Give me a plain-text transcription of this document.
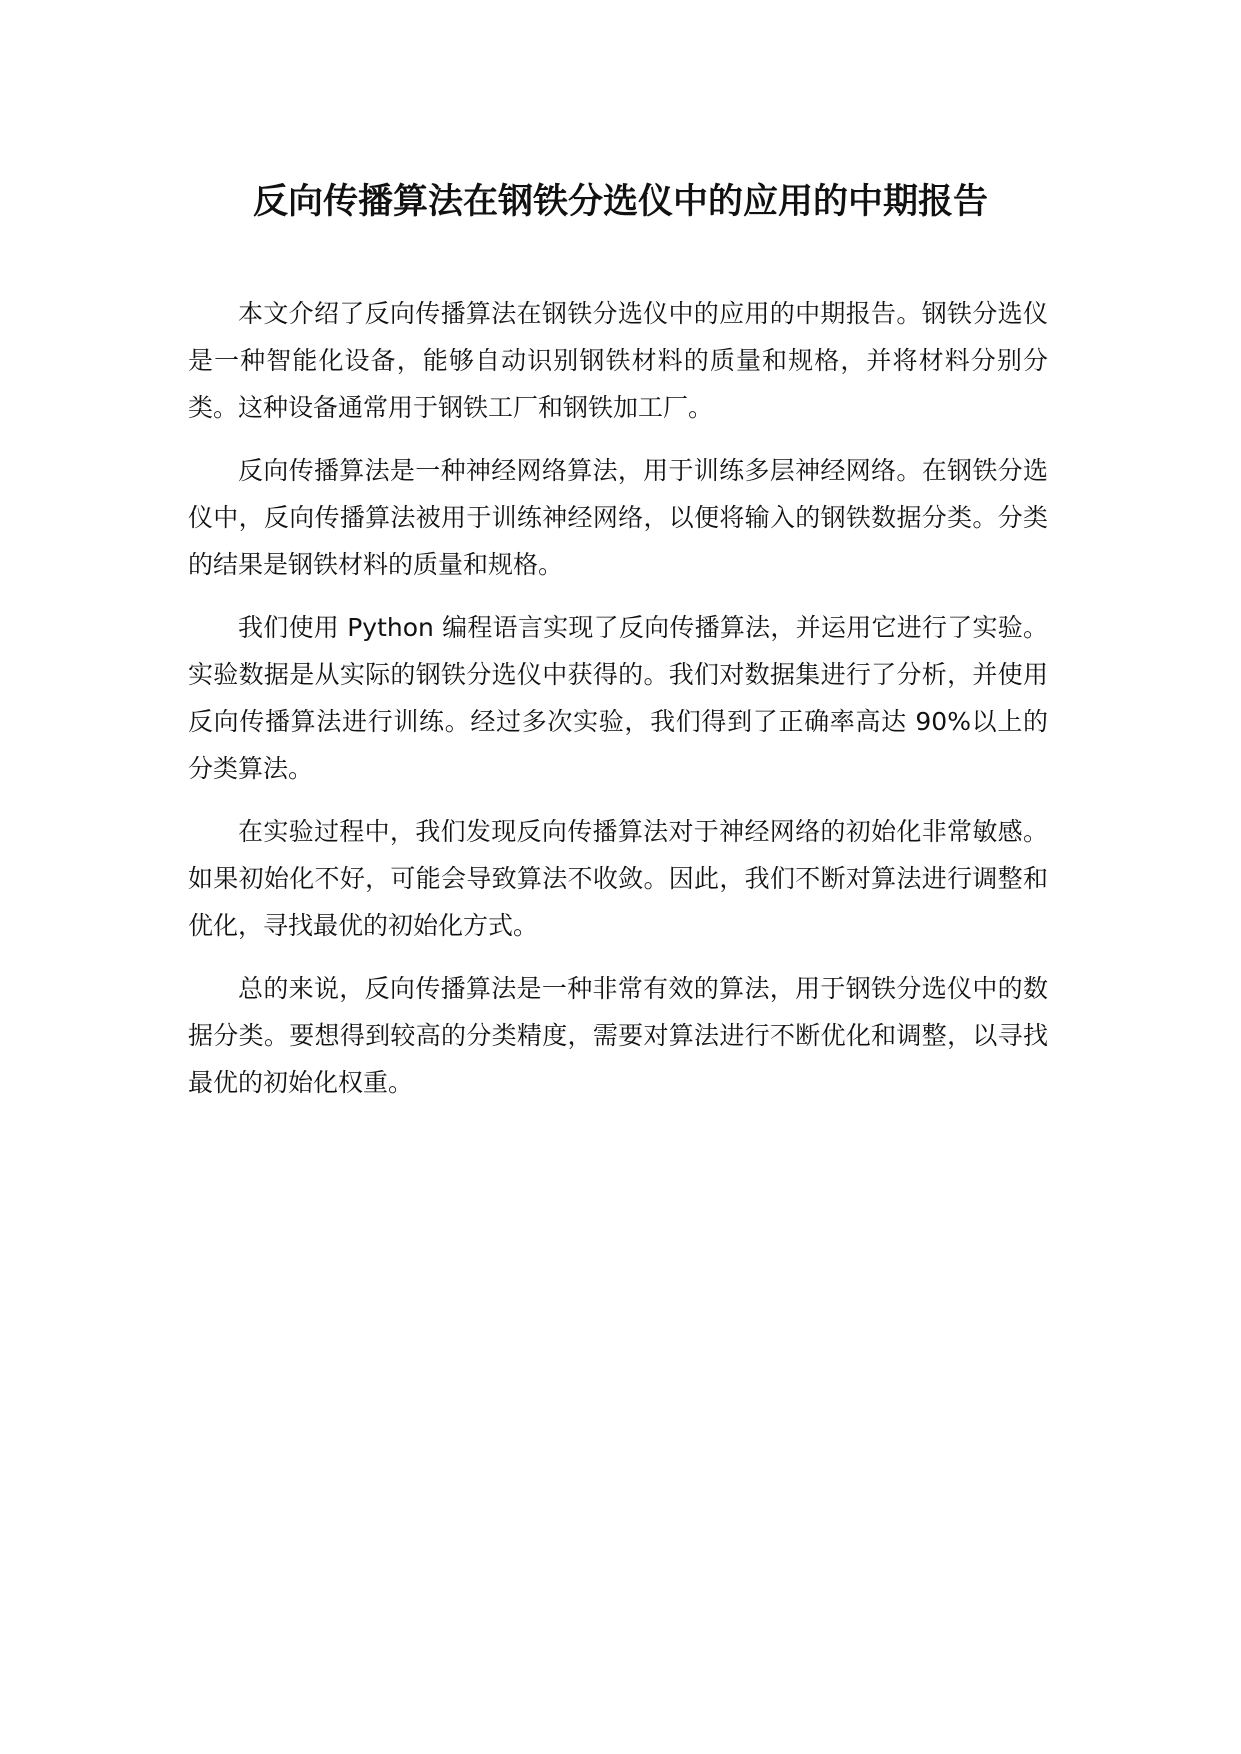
反向传播算法在钢铁分选仪中的应用的中期报告

本文介绍了反向传播算法在钢铁分选仪中的应用的中期报告。钢铁分选仪是一种智能化设备，能够自动识别钢铁材料的质量和规格，并将材料分别分类。这种设备通常用于钢铁工厂和钢铁加工厂。

反向传播算法是一种神经网络算法，用于训练多层神经网络。在钢铁分选仪中，反向传播算法被用于训练神经网络，以便将输入的钢铁数据分类。分类的结果是钢铁材料的质量和规格。

我们使用 Python 编程语言实现了反向传播算法，并运用它进行了实验。实验数据是从实际的钢铁分选仪中获得的。我们对数据集进行了分析，并使用反向传播算法进行训练。经过多次实验，我们得到了正确率高达 90%以上的分类算法。

在实验过程中，我们发现反向传播算法对于神经网络的初始化非常敏感。如果初始化不好，可能会导致算法不收敛。因此，我们不断对算法进行调整和优化，寻找最优的初始化方式。

总的来说，反向传播算法是一种非常有效的算法，用于钢铁分选仪中的数据分类。要想得到较高的分类精度，需要对算法进行不断优化和调整，以寻找最优的初始化权重。
